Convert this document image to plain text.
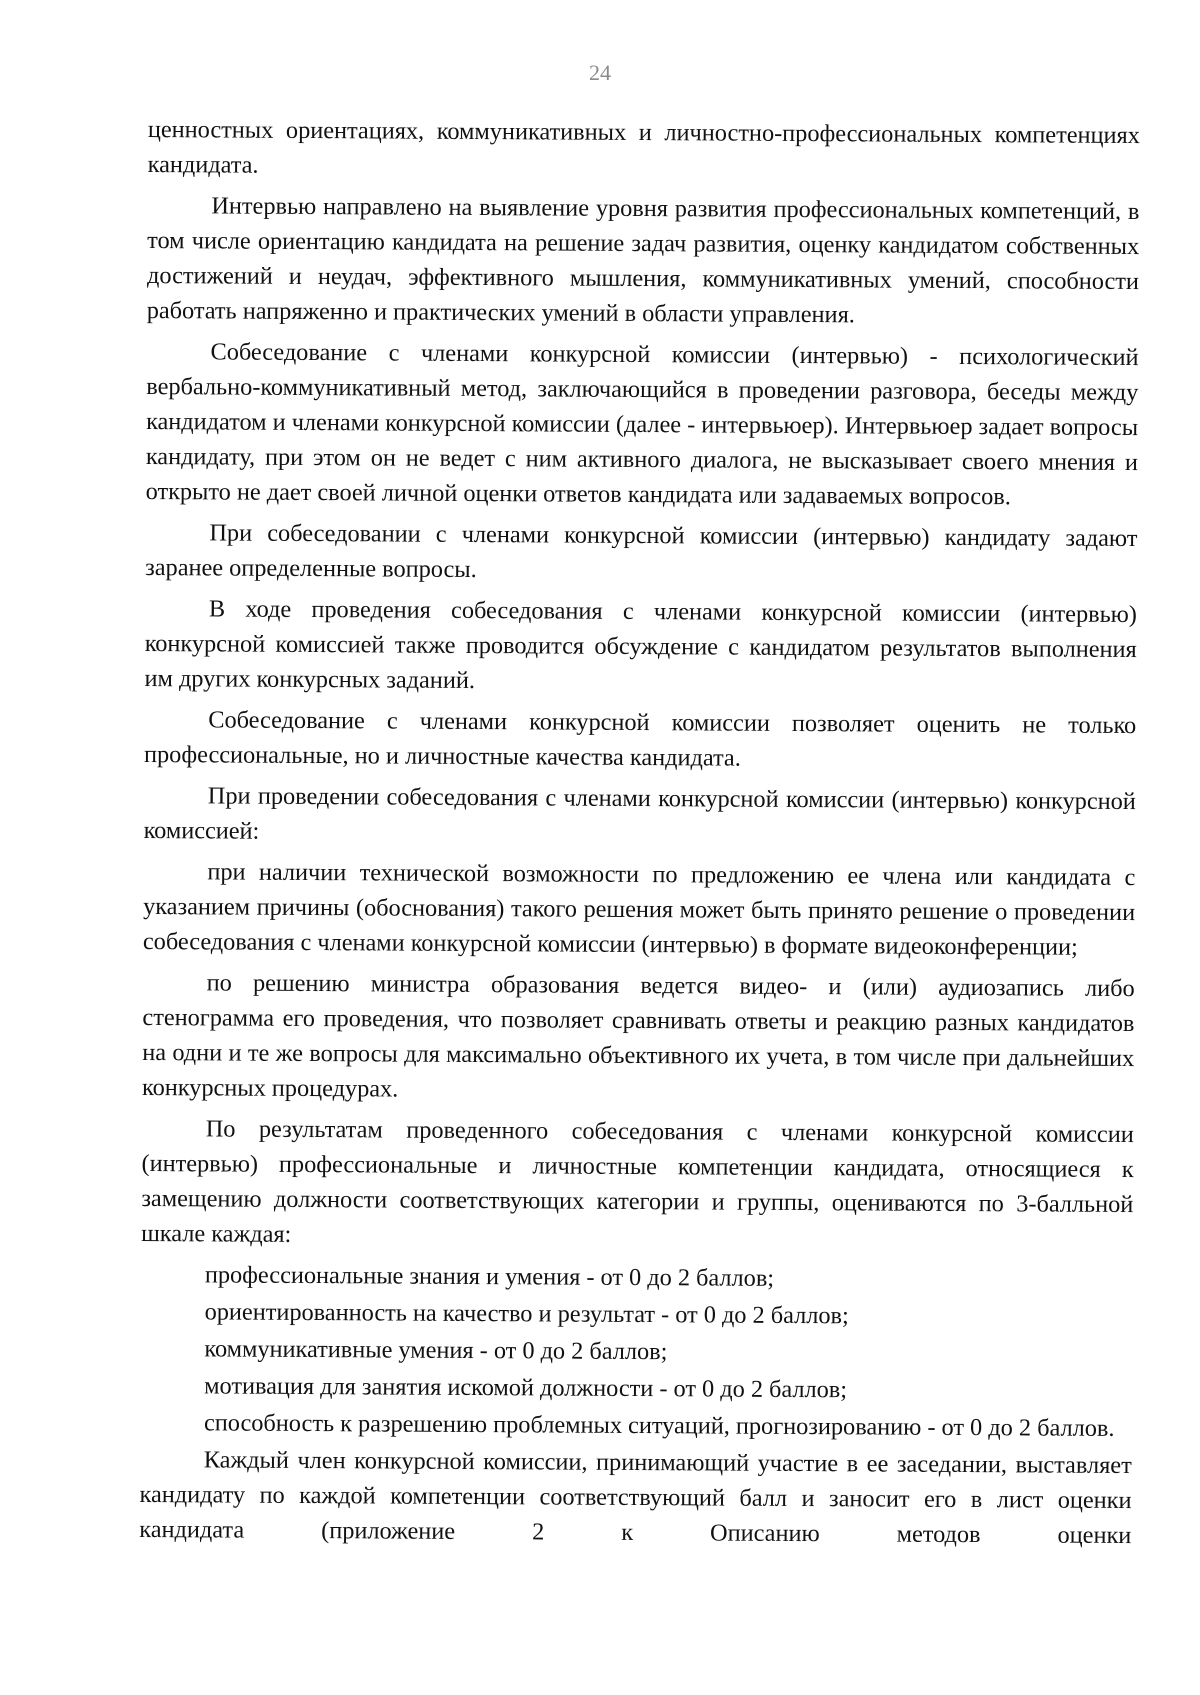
24

ценностных ориентациях, коммуникативных и личностно-профессиональных компетенциях кандидата.

Интервью направлено на выявление уровня развития профессиональных компетенций, в том числе ориентацию кандидата на решение задач развития, оценку кандидатом собственных достижений и неудач, эффективного мышления, коммуникативных умений, способности работать напряженно и практических умений в области управления.

Собеседование с членами конкурсной комиссии (интервью) - психологический вербально-коммуникативный метод, заключающийся в проведении разговора, беседы между кандидатом и членами конкурсной комиссии (далее - интервьюер). Интервьюер задает вопросы кандидату, при этом он не ведет с ним активного диалога, не высказывает своего мнения и открыто не дает своей личной оценки ответов кандидата или задаваемых вопросов.

При собеседовании с членами конкурсной комиссии (интервью) кандидату задают заранее определенные вопросы.

В ходе проведения собеседования с членами конкурсной комиссии (интервью) конкурсной комиссией также проводится обсуждение с кандидатом результатов выполнения им других конкурсных заданий.

Собеседование с членами конкурсной комиссии позволяет оценить не только профессиональные, но и личностные качества кандидата.

При проведении собеседования с членами конкурсной комиссии (интервью) конкурсной комиссией:

при наличии технической возможности по предложению ее члена или кандидата с указанием причины (обоснования) такого решения может быть принято решение о проведении собеседования с членами конкурсной комиссии (интервью) в формате видеоконференции;

по решению министра образования ведется видео- и (или) аудиозапись либо стенограмма его проведения, что позволяет сравнивать ответы и реакцию разных кандидатов на одни и те же вопросы для максимально объективного их учета, в том числе при дальнейших конкурсных процедурах.

По результатам проведенного собеседования с членами конкурсной комиссии (интервью) профессиональные и личностные компетенции кандидата, относящиеся к замещению должности соответствующих категории и группы, оцениваются по 3-балльной шкале каждая:

профессиональные знания и умения - от 0 до 2 баллов;

ориентированность на качество и результат - от 0 до 2 баллов;

коммуникативные умения - от 0 до 2 баллов;

мотивация для занятия искомой должности - от 0 до 2 баллов;

способность к разрешению проблемных ситуаций, прогнозированию - от 0 до 2 баллов.

Каждый член конкурсной комиссии, принимающий участие в ее заседании, выставляет кандидату по каждой компетенции соответствующий балл и заносит его в лист оценки кандидата (приложение 2 к Описанию методов оценки
